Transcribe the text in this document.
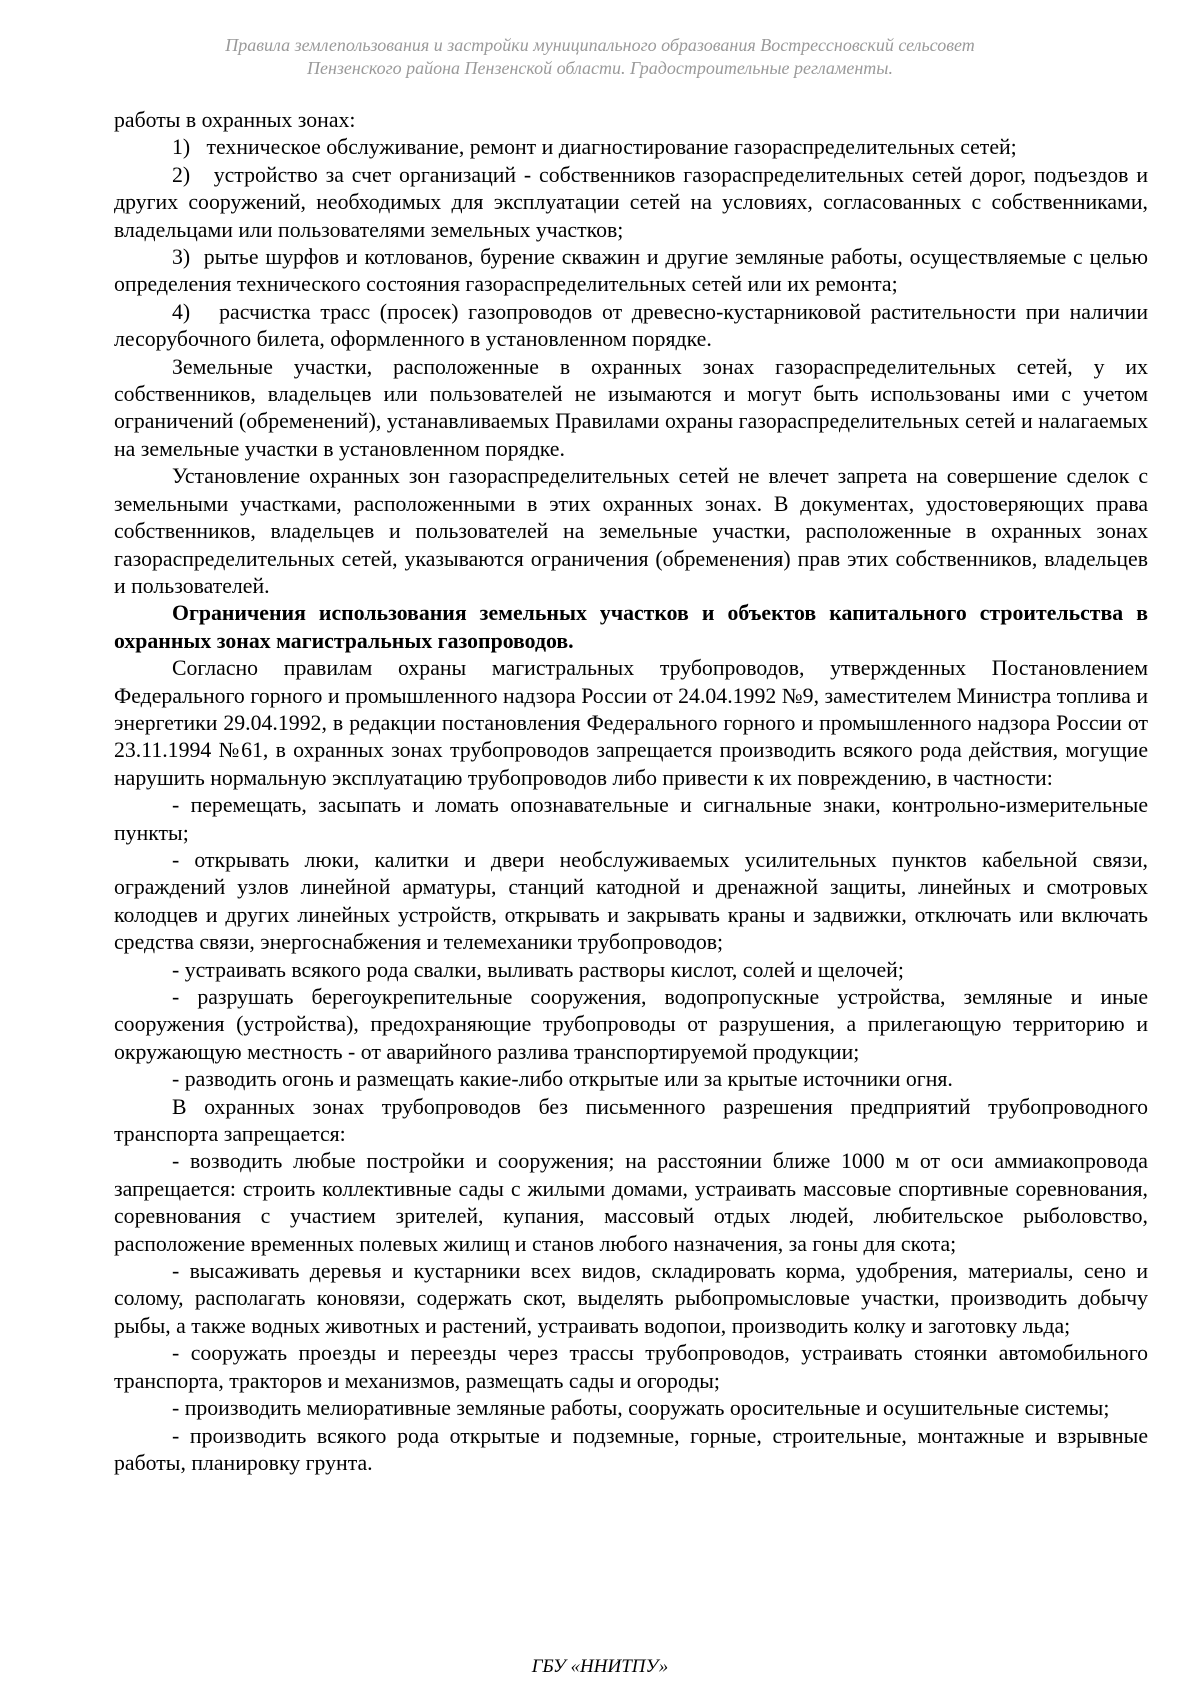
Правила землепользования и застройки муниципального образования Вострессновский сельсовет
Пензенского района Пензенской области. Градостроительные регламенты.

работы в охранных зонах:

1)   техническое обслуживание, ремонт и диагностирование газораспределительных сетей;

2)   устройство за счет организаций - собственников газораспределительных сетей дорог, подъездов и других сооружений, необходимых для эксплуатации сетей на условиях, согласованных с собственниками, владельцами или пользователями земельных участков;

3)  рытье шурфов и котлованов, бурение скважин и другие земляные работы, осуществляемые с целью определения технического состояния газораспределительных сетей или их ремонта;

4)   расчистка трасс (просек) газопроводов от древесно-кустарниковой растительности при наличии лесорубочного билета, оформленного в установленном порядке.

Земельные участки, расположенные в охранных зонах газораспределительных сетей, у их собственников, владельцев или пользователей не изымаются и могут быть использованы ими с учетом ограничений (обременений), устанавливаемых Правилами охраны газораспределительных сетей и налагаемых на земельные участки в установленном порядке.

Установление охранных зон газораспределительных сетей не влечет запрета на совершение сделок с земельными участками, расположенными в этих охранных зонах. В документах, удостоверяющих права собственников, владельцев и пользователей на земельные участки, расположенные в охранных зонах газораспределительных сетей, указываются ограничения (обременения) прав этих собственников, владельцев и пользователей.

Ограничения использования земельных участков и объектов капитального строительства в охранных зонах магистральных газопроводов.

Согласно правилам охраны магистральных трубопроводов, утвержденных Постановлением Федерального горного и промышленного надзора России от 24.04.1992 №9, заместителем Министра топлива и энергетики 29.04.1992, в редакции постановления Федерального горного и промышленного надзора России от 23.11.1994 №61, в охранных зонах трубопроводов запрещается производить всякого рода действия, могущие нарушить нормальную эксплуатацию трубопроводов либо привести к их повреждению, в частности:

- перемещать, засыпать и ломать опознавательные и сигнальные знаки, контрольно-измерительные пункты;

- открывать люки, калитки и двери необслуживаемых усилительных пунктов кабельной связи, ограждений узлов линейной арматуры, станций катодной и дренажной защиты, линейных и смотровых колодцев и других линейных устройств, открывать и закрывать краны и задвижки, отключать или включать средства связи, энергоснабжения и телемеханики трубопроводов;

- устраивать всякого рода свалки, выливать растворы кислот, солей и щелочей;

- разрушать берегоукрепительные сооружения, водопропускные устройства, земляные и иные сооружения (устройства), предохраняющие трубопроводы от разрушения, а прилегающую территорию и окружающую местность - от аварийного разлива транспортируемой продукции;

- разводить огонь и размещать какие-либо открытые или за крытые источники огня.

В охранных зонах трубопроводов без письменного разрешения предприятий трубопроводного транспорта запрещается:

- возводить любые постройки и сооружения; на расстоянии ближе 1000 м от оси аммиакопровода запрещается: строить коллективные сады с жилыми домами, устраивать массовые спортивные соревнования, соревнования с участием зрителей, купания, массовый отдых людей, любительское рыболовство, расположение временных полевых жилищ и станов любого назначения, за гоны для скота;

- высаживать деревья и кустарники всех видов, складировать корма, удобрения, материалы, сено и солому, располагать коновязи, содержать скот, выделять рыбопромысловые участки, производить добычу рыбы, а также водных животных и растений, устраивать водопои, производить колку и заготовку льда;

- сооружать проезды и переезды через трассы трубопроводов, устраивать стоянки автомобильного транспорта, тракторов и механизмов, размещать сады и огороды;

- производить мелиоративные земляные работы, сооружать оросительные и осушительные системы;

- производить всякого рода открытые и подземные, горные, строительные, монтажные и взрывные работы, планировку грунта.

ГБУ «ННИТПУ»
